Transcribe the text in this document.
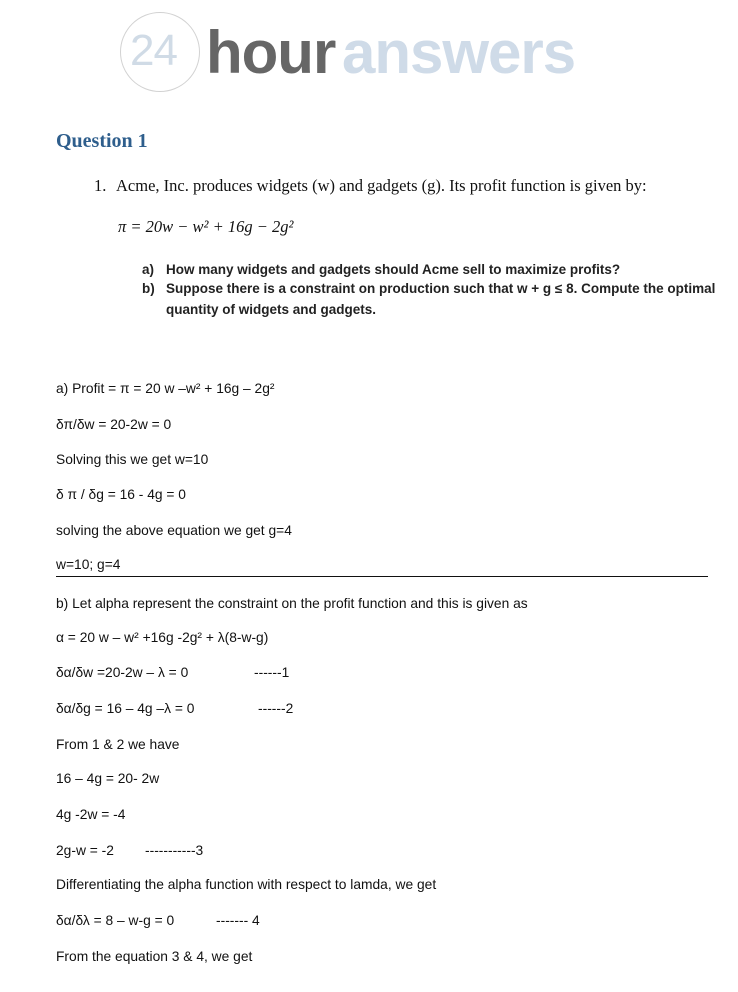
24 hour answers
Question 1
1. Acme, Inc. produces widgets (w) and gadgets (g). Its profit function is given by:
π = 20w − w² + 16g − 2g²
a) How many widgets and gadgets should Acme sell to maximize profits?
b) Suppose there is a constraint on production such that w + g ≤ 8. Compute the optimal
quantity of widgets and gadgets.
a) Profit = π = 20 w –w² + 16g – 2g²
δπ/δw = 20-2w = 0
Solving this we get w=10
δ π / δg = 16 - 4g = 0
solving the above equation we get g=4
w=10; g=4
b) Let alpha represent the constraint on the profit function and this is given as
α = 20 w – w² +16g -2g² + λ(8-w-g)
δα/δw =20-2w – λ = 0
δα/δg = 16 – 4g –λ = 0
From 1 & 2 we have
16 – 4g = 20- 2w
4g -2w = -4
2g-w = -2
Differentiating the alpha function with respect to lamda, we get
δα/δλ = 8 – w-g = 0
From the equation 3 & 4, we get
------1
------2
-----------3
------- 4
